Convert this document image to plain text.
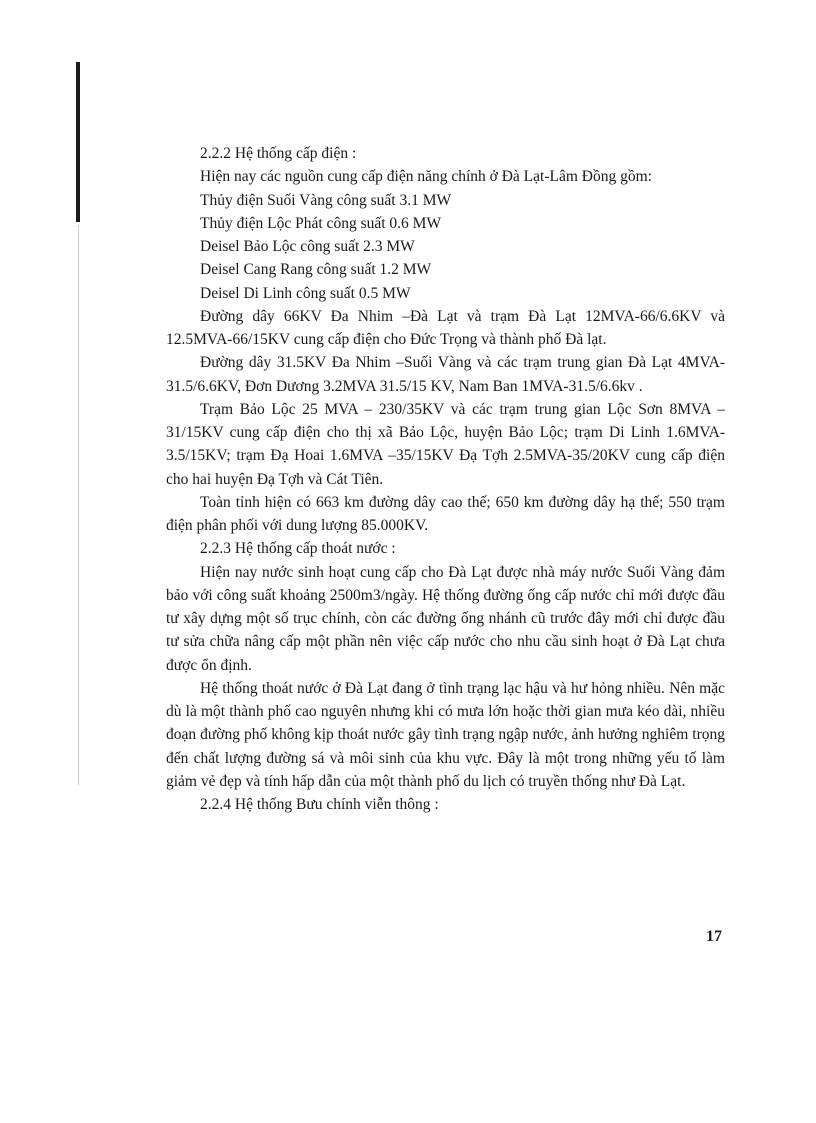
2.2.2 Hệ thống cấp điện :

Hiện nay các nguồn cung cấp điện năng chính ở Đà Lạt-Lâm Đồng gồm:

Thủy điện Suối Vàng công suất 3.1 MW

Thủy điện Lộc Phát công suất 0.6 MW

Deisel Bảo Lộc công suất 2.3 MW

Deisel Cang Rang công suất 1.2 MW

Deisel Di Linh công suất 0.5 MW

Đường dây 66KV Đa Nhim –Đà Lạt và trạm Đà Lạt 12MVA-66/6.6KV và 12.5MVA-66/15KV cung cấp điện cho Đức Trọng và thành phố Đà lạt.

Đường dây 31.5KV Đa Nhim –Suối Vàng và các trạm trung gian Đà Lạt 4MVA-31.5/6.6KV, Đơn Dương 3.2MVA 31.5/15 KV, Nam Ban 1MVA-31.5/6.6kv .

Trạm Bảo Lộc 25 MVA – 230/35KV và các trạm trung gian Lộc Sơn 8MVA –31/15KV cung cấp điện cho thị xã Bảo Lộc, huyện Bảo Lộc; trạm Di Linh 1.6MVA-3.5/15KV; trạm Đạ Hoai 1.6MVA –35/15KV Đạ Tợh 2.5MVA-35/20KV cung cấp điện cho hai huyện Đạ Tợh và Cát Tiên.

Toàn tỉnh hiện có 663 km đường dây cao thế; 650 km đường dây hạ thế; 550 trạm điện phân phối với dung lượng 85.000KV.

2.2.3 Hệ thống cấp thoát nước :

Hiện nay nước sinh hoạt cung cấp cho Đà Lạt được nhà máy nước Suối Vàng đảm bảo với công suất khoảng 2500m3/ngày. Hệ thống đường ống cấp nước chỉ mới được đầu tư xây dựng một số trục chính, còn các đường ống nhánh cũ trước đây mới chỉ được đầu tư sửa chữa nâng cấp một phần nên việc cấp nước cho nhu cầu sinh hoạt ở Đà Lạt chưa được ổn định.

Hệ thống thoát nước ở Đà Lạt đang ở tình trạng lạc hậu và hư hỏng nhiều. Nên mặc dù là một thành phố cao nguyên nhưng khi có mưa lớn hoặc thời gian mưa kéo dài, nhiều đoạn đường phố không kịp thoát nước gây tình trạng ngập nước, ảnh hưởng nghiêm trọng đến chất lượng đường sá và môi sinh của khu vực. Đây là một trong những yếu tố làm giảm vẻ đẹp và tính hấp dẫn của một thành phố du lịch có truyền thống như Đà Lạt.

2.2.4 Hệ thống Bưu chính viễn thông :

17
